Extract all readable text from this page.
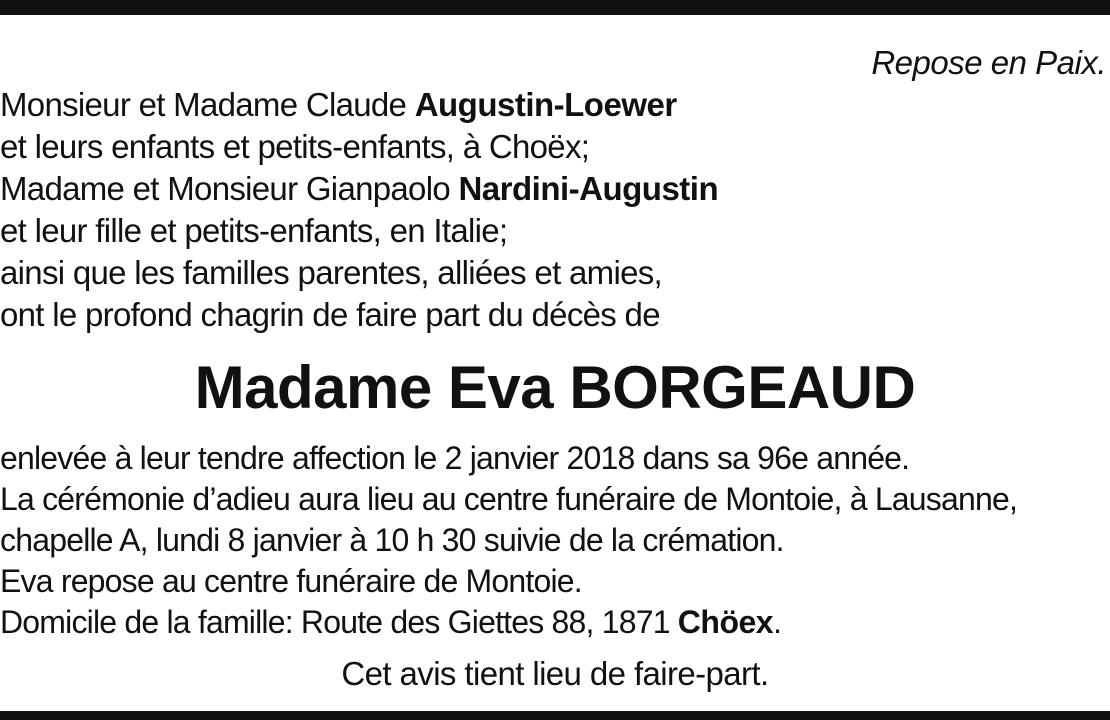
Repose en Paix.
Monsieur et Madame Claude Augustin-Loewer
et leurs enfants et petits-enfants, à Choëx;
Madame et Monsieur Gianpaolo Nardini-Augustin
et leur fille et petits-enfants, en Italie;
ainsi que les familles parentes, alliées et amies,
ont le profond chagrin de faire part du décès de
Madame Eva BORGEAUD
enlevée à leur tendre affection le 2 janvier 2018 dans sa 96e année.
La cérémonie d’adieu aura lieu au centre funéraire de Montoie, à Lausanne,
chapelle A, lundi 8 janvier à 10 h 30 suivie de la crémation.
Eva repose au centre funéraire de Montoie.
Domicile de la famille: Route des Giettes 88, 1871 Chöex.
Cet avis tient lieu de faire-part.
